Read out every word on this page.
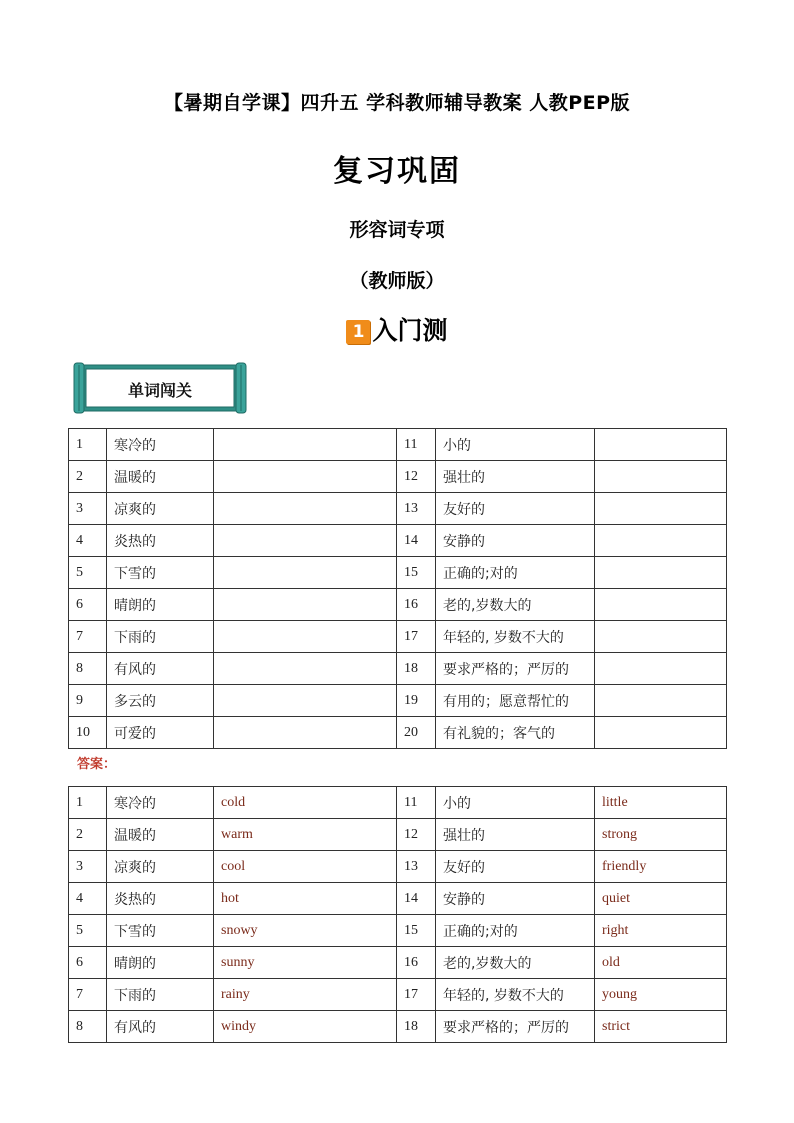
【暑期自学课】四升五 学科教师辅导教案 人教PEP版
复习巩固
形容词专项
（教师版）
1 入门测
单词闯关
1	寒冷的		11	小的	
2	温暖的		12	强壮的	
3	凉爽的		13	友好的	
4	炎热的		14	安静的	
5	下雪的		15	正确的;对的	
6	晴朗的		16	老的,岁数大的	
7	下雨的		17	年轻的, 岁数不大的	
8	有风的		18	要求严格的；严厉的	
9	多云的		19	有用的；愿意帮忙的	
10	可爱的		20	有礼貌的；客气的	
答案：
1	寒冷的	cold	11	小的	little
2	温暖的	warm	12	强壮的	strong
3	凉爽的	cool	13	友好的	friendly
4	炎热的	hot	14	安静的	quiet
5	下雪的	snowy	15	正确的;对的	right
6	晴朗的	sunny	16	老的,岁数大的	old
7	下雨的	rainy	17	年轻的, 岁数不大的	young
8	有风的	windy	18	要求严格的；严厉的	strict
